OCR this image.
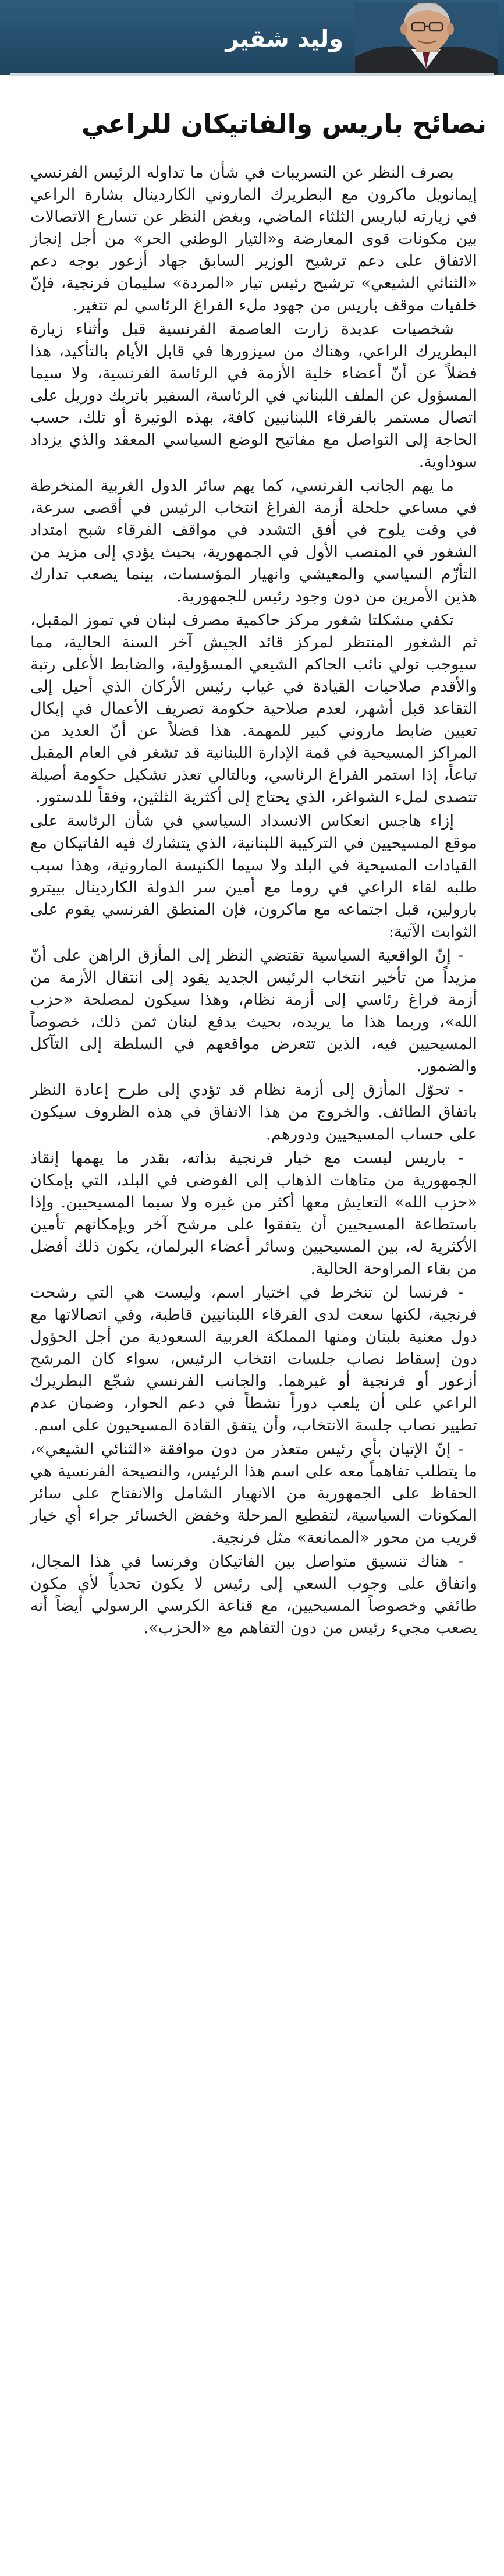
وليد شقير
نصائح باريس والفاتيكان للراعي

بصرف النظر عن التسريبات في شأن ما تداوله الرئيس الفرنسي إيمانويل ماكرون مع البطريرك الماروني الكاردينال بشارة الراعي في زيارته لباريس الثلثاء الماضي، وبغض النظر عن تسارع الاتصالات بين مكونات قوى المعارضة و«التيار الوطني الحر» من أجل إنجاز الاتفاق على دعم ترشيح الوزير السابق جهاد أزعور بوجه دعم «الثنائي الشيعي» ترشيح رئيس تيار «المردة» سليمان فرنجية، فإنّ خلفيات موقف باريس من جهود ملء الفراغ الرئاسي لم تتغير.

شخصيات عديدة زارت العاصمة الفرنسية قبل وأثناء زيارة البطريرك الراعي، وهناك من سيزورها في قابل الأيام بالتأكيد، هذا فضلاً عن أنّ أعضاء خلية الأزمة في الرئاسة الفرنسية، ولا سيما المسؤول عن الملف اللبناني في الرئاسة، السفير باتريك دوريل على اتصال مستمر بالفرقاء اللبنانيين كافة، بهذه الوتيرة أو تلك، حسب الحاجة إلى التواصل مع مفاتيح الوضع السياسي المعقد والذي يزداد سوداوية.

ما يهم الجانب الفرنسي، كما يهم سائر الدول الغربية المنخرطة في مساعي حلحلة أزمة الفراغ انتخاب الرئيس في أقصى سرعة، في وقت يلوح في أفق التشدد في مواقف الفرقاء شبح امتداد الشغور في المنصب الأول في الجمهورية، بحيث يؤدي إلى مزيد من التأزّم السياسي والمعيشي وانهيار المؤسسات، بينما يصعب تدارك هذين الأمرين من دون وجود رئيس للجمهورية.

تكفي مشكلتا شغور مركز حاكمية مصرف لبنان في تموز المقبل، ثم الشغور المنتظر لمركز قائد الجيش آخر السنة الحالية، مما سيوجب تولي نائب الحاكم الشيعي المسؤولية، والضابط الأعلى رتبة والأقدم صلاحيات القيادة في غياب رئيس الأركان الذي أحيل إلى التقاعد قبل أشهر، لعدم صلاحية حكومة تصريف الأعمال في إيكال تعيين ضابط ماروني كبير للمهمة. هذا فضلاً عن أنّ العديد من المراكز المسيحية في قمة الإدارة اللبنانية قد تشغر في العام المقبل تباعاً، إذا استمر الفراغ الرئاسي، وبالتالي تعذر تشكيل حكومة أصيلة تتصدى لملء الشواغر، الذي يحتاج إلى أكثرية الثلثين، وفقاً للدستور.

إزاء هاجس انعكاس الانسداد السياسي في شأن الرئاسة على موقع المسيحيين في التركيبة اللبنانية، الذي يتشارك فيه الفاتيكان مع القيادات المسيحية في البلد ولا سيما الكنيسة المارونية، وهذا سبب طلبه لقاء الراعي في روما مع أمين سر الدولة الكاردينال بييترو بارولين، قبل اجتماعه مع ماكرون، فإن المنطق الفرنسي يقوم على الثوابت الآتية:

- إنّ الواقعية السياسية تقتضي النظر إلى المأزق الراهن على أنّ مزيداً من تأخير انتخاب الرئيس الجديد يقود إلى انتقال الأزمة من أزمة فراغ رئاسي إلى أزمة نظام، وهذا سيكون لمصلحة «حزب الله»، وربما هذا ما يريده، بحيث يدفع لبنان ثمن ذلك، خصوصاً المسيحيين فيه، الذين تتعرض مواقعهم في السلطة إلى التآكل والضمور.

- تحوّل المأزق إلى أزمة نظام قد تؤدي إلى طرح إعادة النظر باتفاق الطائف. والخروج من هذا الاتفاق في هذه الظروف سيكون على حساب المسيحيين ودورهم.

- باريس ليست مع خيار فرنجية بذاته، بقدر ما يهمها إنقاذ الجمهورية من متاهات الذهاب إلى الفوضى في البلد، التي بإمكان «حزب الله» التعايش معها أكثر من غيره ولا سيما المسيحيين. وإذا باستطاعة المسيحيين أن يتفقوا على مرشح آخر ويإمكانهم تأمين الأكثرية له، بين المسيحيين وسائر أعضاء البرلمان، يكون ذلك أفضل من بقاء المراوحة الحالية.

- فرنسا لن تنخرط في اختيار اسم، وليست هي التي رشحت فرنجية، لكنها سعت لدى الفرقاء اللبنانيين قاطبة، وفي اتصالاتها مع دول معنية بلبنان ومنها المملكة العربية السعودية من أجل الحؤول دون إسقاط نصاب جلسات انتخاب الرئيس، سواء كان المرشح أزعور أو فرنجية أو غيرهما. والجانب الفرنسي شجّع البطريرك الراعي على أن يلعب دوراً نشطاً في دعم الحوار، وضمان عدم تطيير نصاب جلسة الانتخاب، وأن يتفق القادة المسيحيون على اسم.

- إنّ الإتيان بأي رئيس متعذر من دون موافقة «الثنائي الشيعي»، ما يتطلب تفاهماً معه على اسم هذا الرئيس، والنصيحة الفرنسية هي الحفاظ على الجمهورية من الانهيار الشامل والانفتاح على سائر المكونات السياسية، لتقطيع المرحلة وخفض الخسائر جراء أي خيار قريب من محور «الممانعة» مثل فرنجية.

- هناك تنسيق متواصل بين الفاتيكان وفرنسا في هذا المجال، واتفاق على وجوب السعي إلى رئيس لا يكون تحدياً لأي مكون طائفي وخصوصاً المسيحيين، مع قناعة الكرسي الرسولي أيضاً أنه يصعب مجيء رئيس من دون التفاهم مع «الحزب».
